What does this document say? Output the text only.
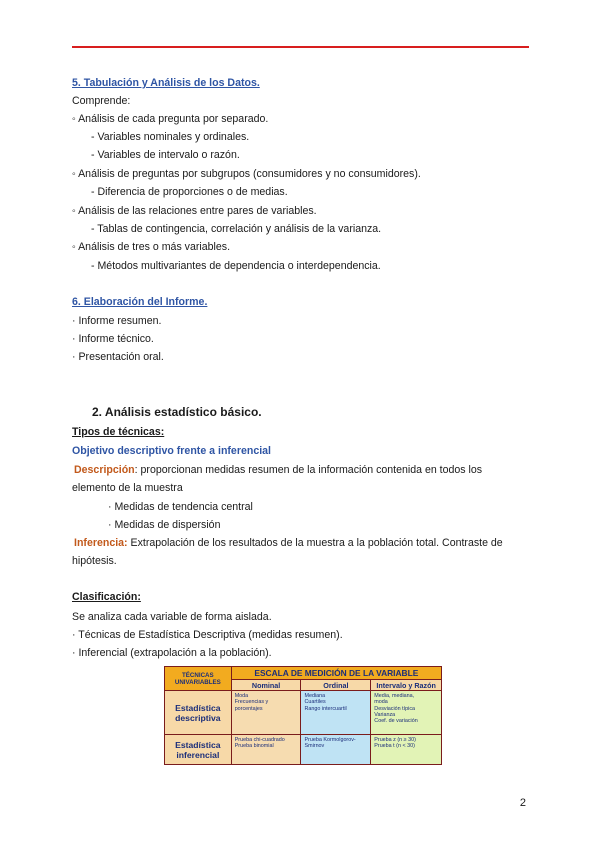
5. Tabulación y Análisis de los Datos.
Comprende:
◦ Análisis de cada pregunta por separado.
- Variables nominales y ordinales.
- Variables de intervalo o razón.
◦ Análisis de preguntas por subgrupos (consumidores y no consumidores).
- Diferencia de proporciones o de medias.
◦ Análisis de las relaciones entre pares de variables.
- Tablas de contingencia, correlación y análisis de la varianza.
◦ Análisis de tres o más variables.
- Métodos multivariantes de dependencia o interdependencia.
6. Elaboración del Informe.
· Informe resumen.
· Informe técnico.
· Presentación oral.
2. Análisis estadístico básico.
Tipos de técnicas:
Objetivo descriptivo frente a inferencial
Descripción: proporcionan medidas resumen de la información contenida en todos los
elemento de la muestra
· Medidas de tendencia central
· Medidas de dispersión
Inferencia: Extrapolación de los resultados de la muestra a la población total. Contraste de
hipótesis.
Clasificación:
Se analiza cada variable de forma aislada.
· Técnicas de Estadística Descriptiva (medidas resumen).
· Inferencial (extrapolación a la población).
TÉCNICAS UNIVARIABLES	ESCALA DE MEDICIÓN DE LA VARIABLE		
	Nominal	Ordinal	Intervalo y Razón
Estadística descriptiva	Moda
Frecuencias y
porcentajes	Mediana
Cuartiles
Rango intercuartil	Media, mediana,
moda
Desviación típica
Varianza
Coef. de variación

Estadística inferencial	Prueba chi-cuadrado
Prueba binomial	Prueba Kormolgorov-
Smirnov	Prueba z (n ≥ 30)
Prueba t (n < 30)
2
